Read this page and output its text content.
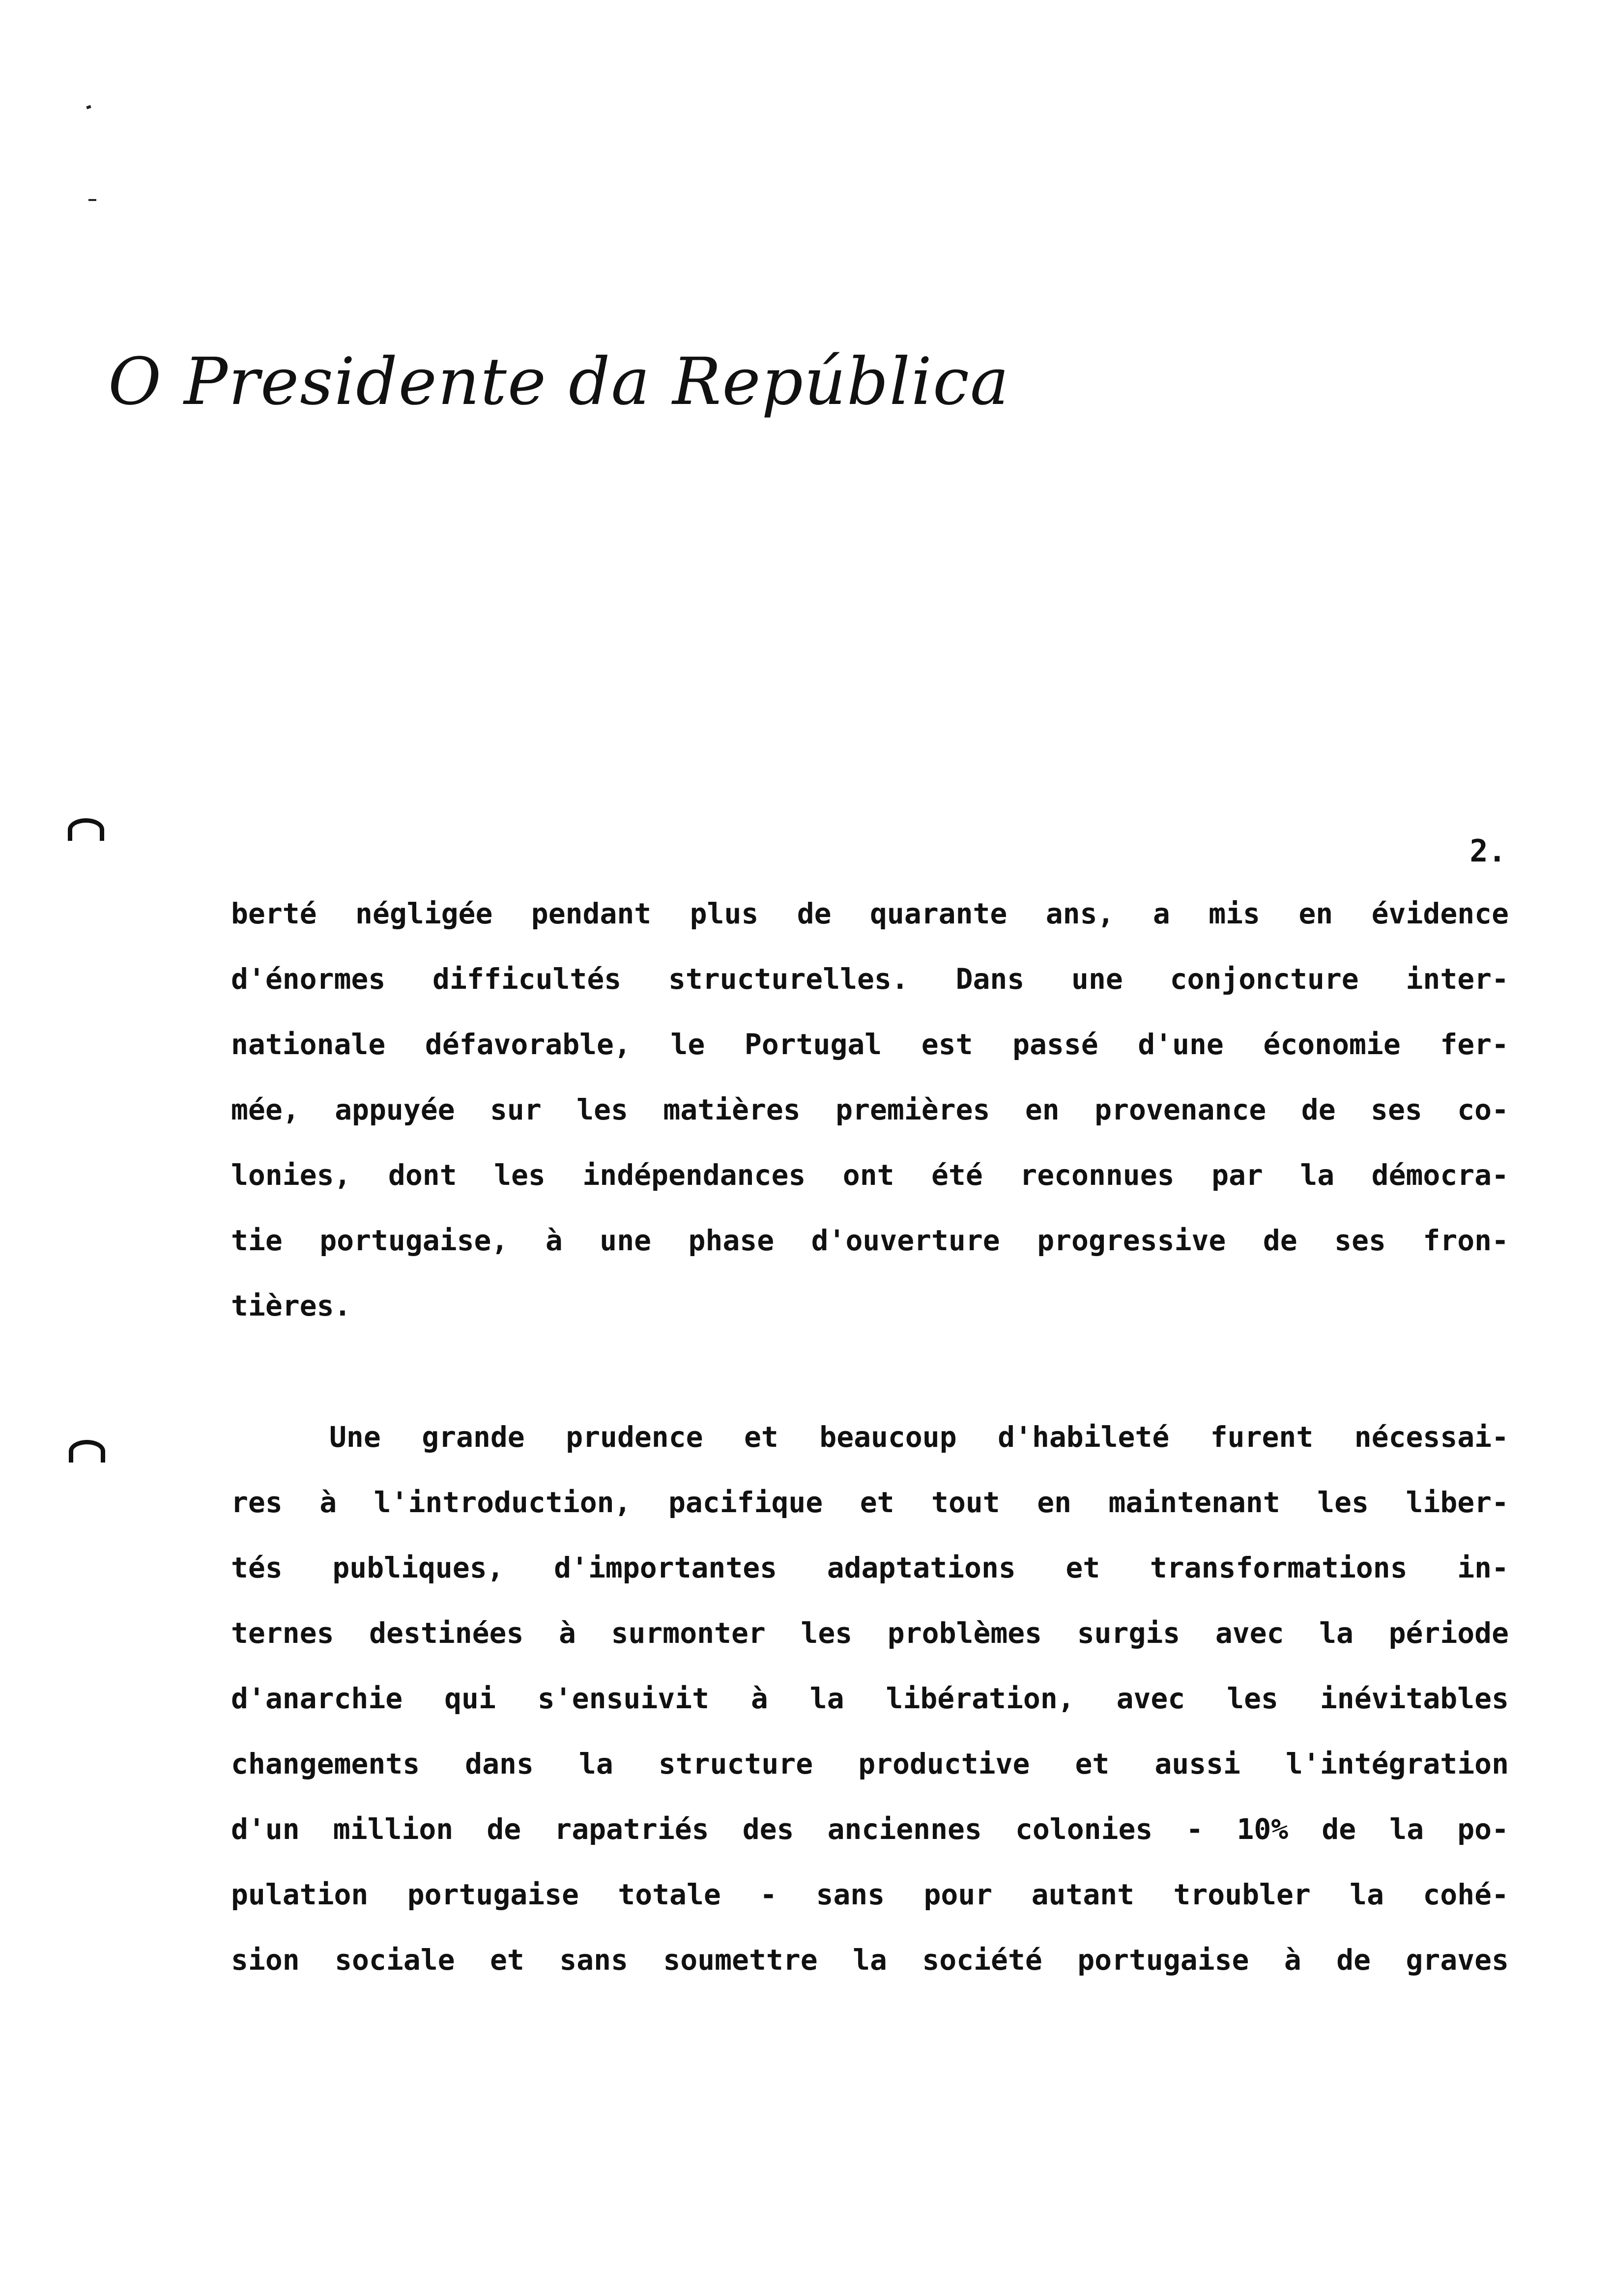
O Presidente da República
2.
berté négligée pendant plus de quarante ans, a mis en évidence
d'énormes difficultés structurelles. Dans une conjoncture inter-
nationale défavorable, le Portugal est passé d'une économie fer-
mée, appuyée sur les matières premières en provenance de ses co-
lonies, dont les indépendances ont été reconnues par la démocra-
tie portugaise, à une phase d'ouverture progressive de ses fron-
tières.
Une grande prudence et beaucoup d'habileté furent nécessai-
res à l'introduction, pacifique et tout en maintenant les liber-
tés publiques, d'importantes adaptations et transformations in-
ternes destinées à surmonter les problèmes surgis avec la période
d'anarchie qui s'ensuivit à la libération, avec les inévitables
changements dans la structure productive et aussi l'intégration
d'un million de rapatriés des anciennes colonies - 10% de la po-
pulation portugaise totale - sans pour autant troubler la cohé-
sion sociale et sans soumettre la société portugaise à de graves
